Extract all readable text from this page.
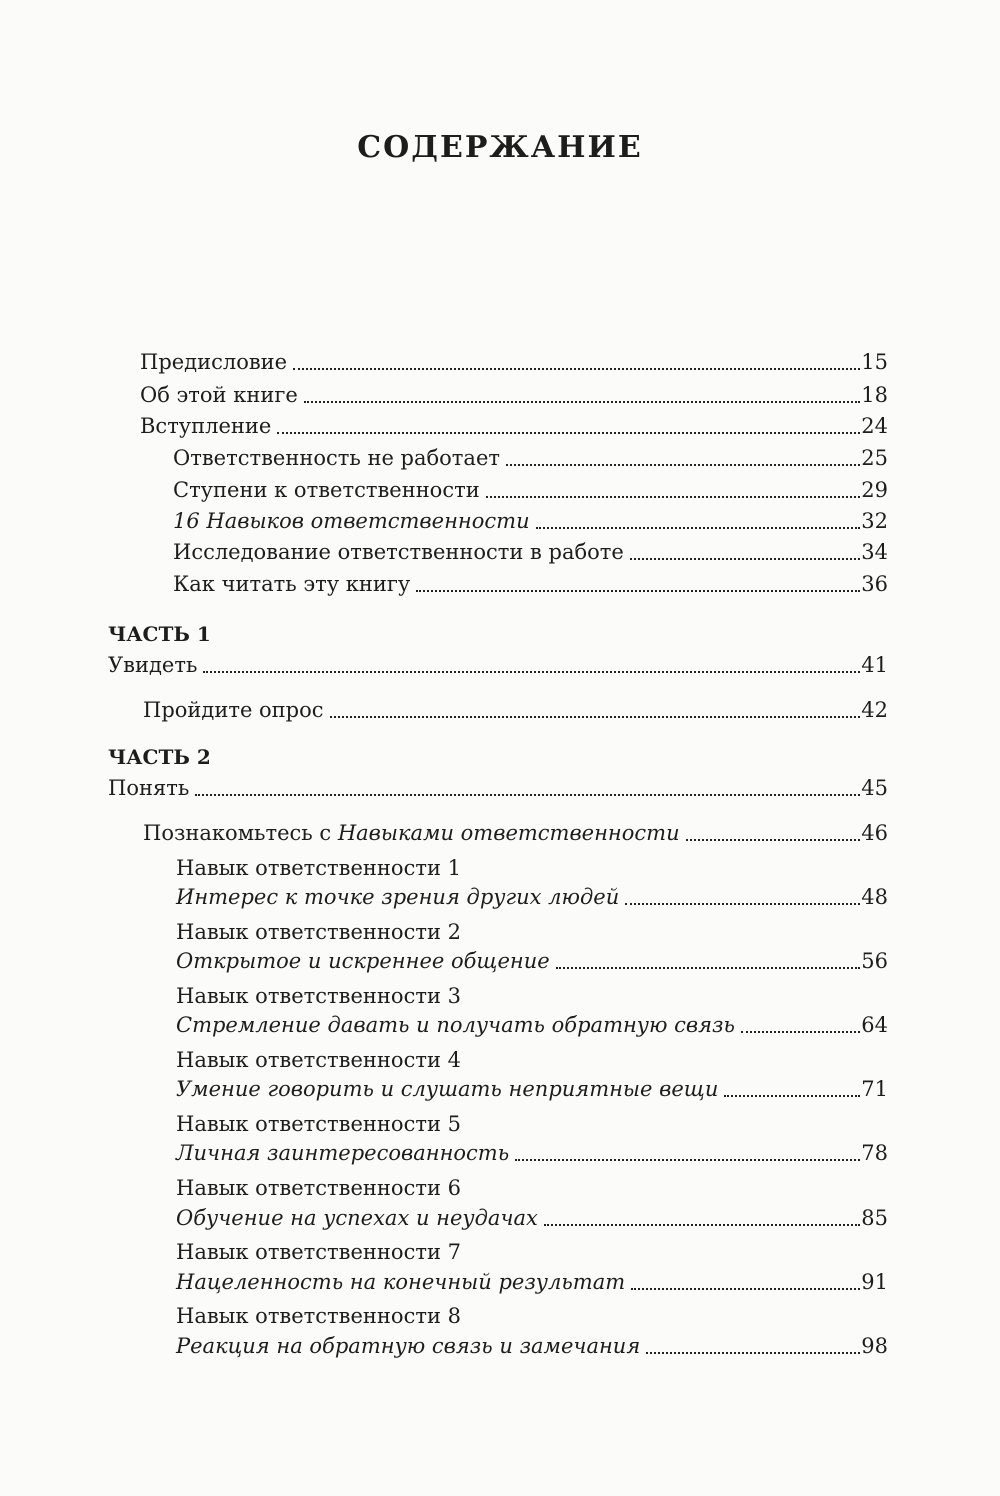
СОДЕРЖАНИЕ
Предисловие	15
Об этой книге	18
Вступление	24
Ответственность не работает	25
Ступени к ответственности	29
16 Навыков ответственности	32
Исследование ответственности в работе	34
Как читать эту книгу	36
ЧАСТЬ 1
Увидеть	41
Пройдите опрос	42
ЧАСТЬ 2
Понять	45
Познакомьтесь с Навыками ответственности	46
Навык ответственности 1
Интерес к точке зрения других людей	48
Навык ответственности 2
Открытое и искреннее общение	56
Навык ответственности 3
Стремление давать и получать обратную связь	64
Навык ответственности 4
Умение говорить и слушать неприятные вещи	71
Навык ответственности 5
Личная заинтересованность	78
Навык ответственности 6
Обучение на успехах и неудачах	85
Навык ответственности 7
Нацеленность на конечный результат	91
Навык ответственности 8
Реакция на обратную связь и замечания	98
